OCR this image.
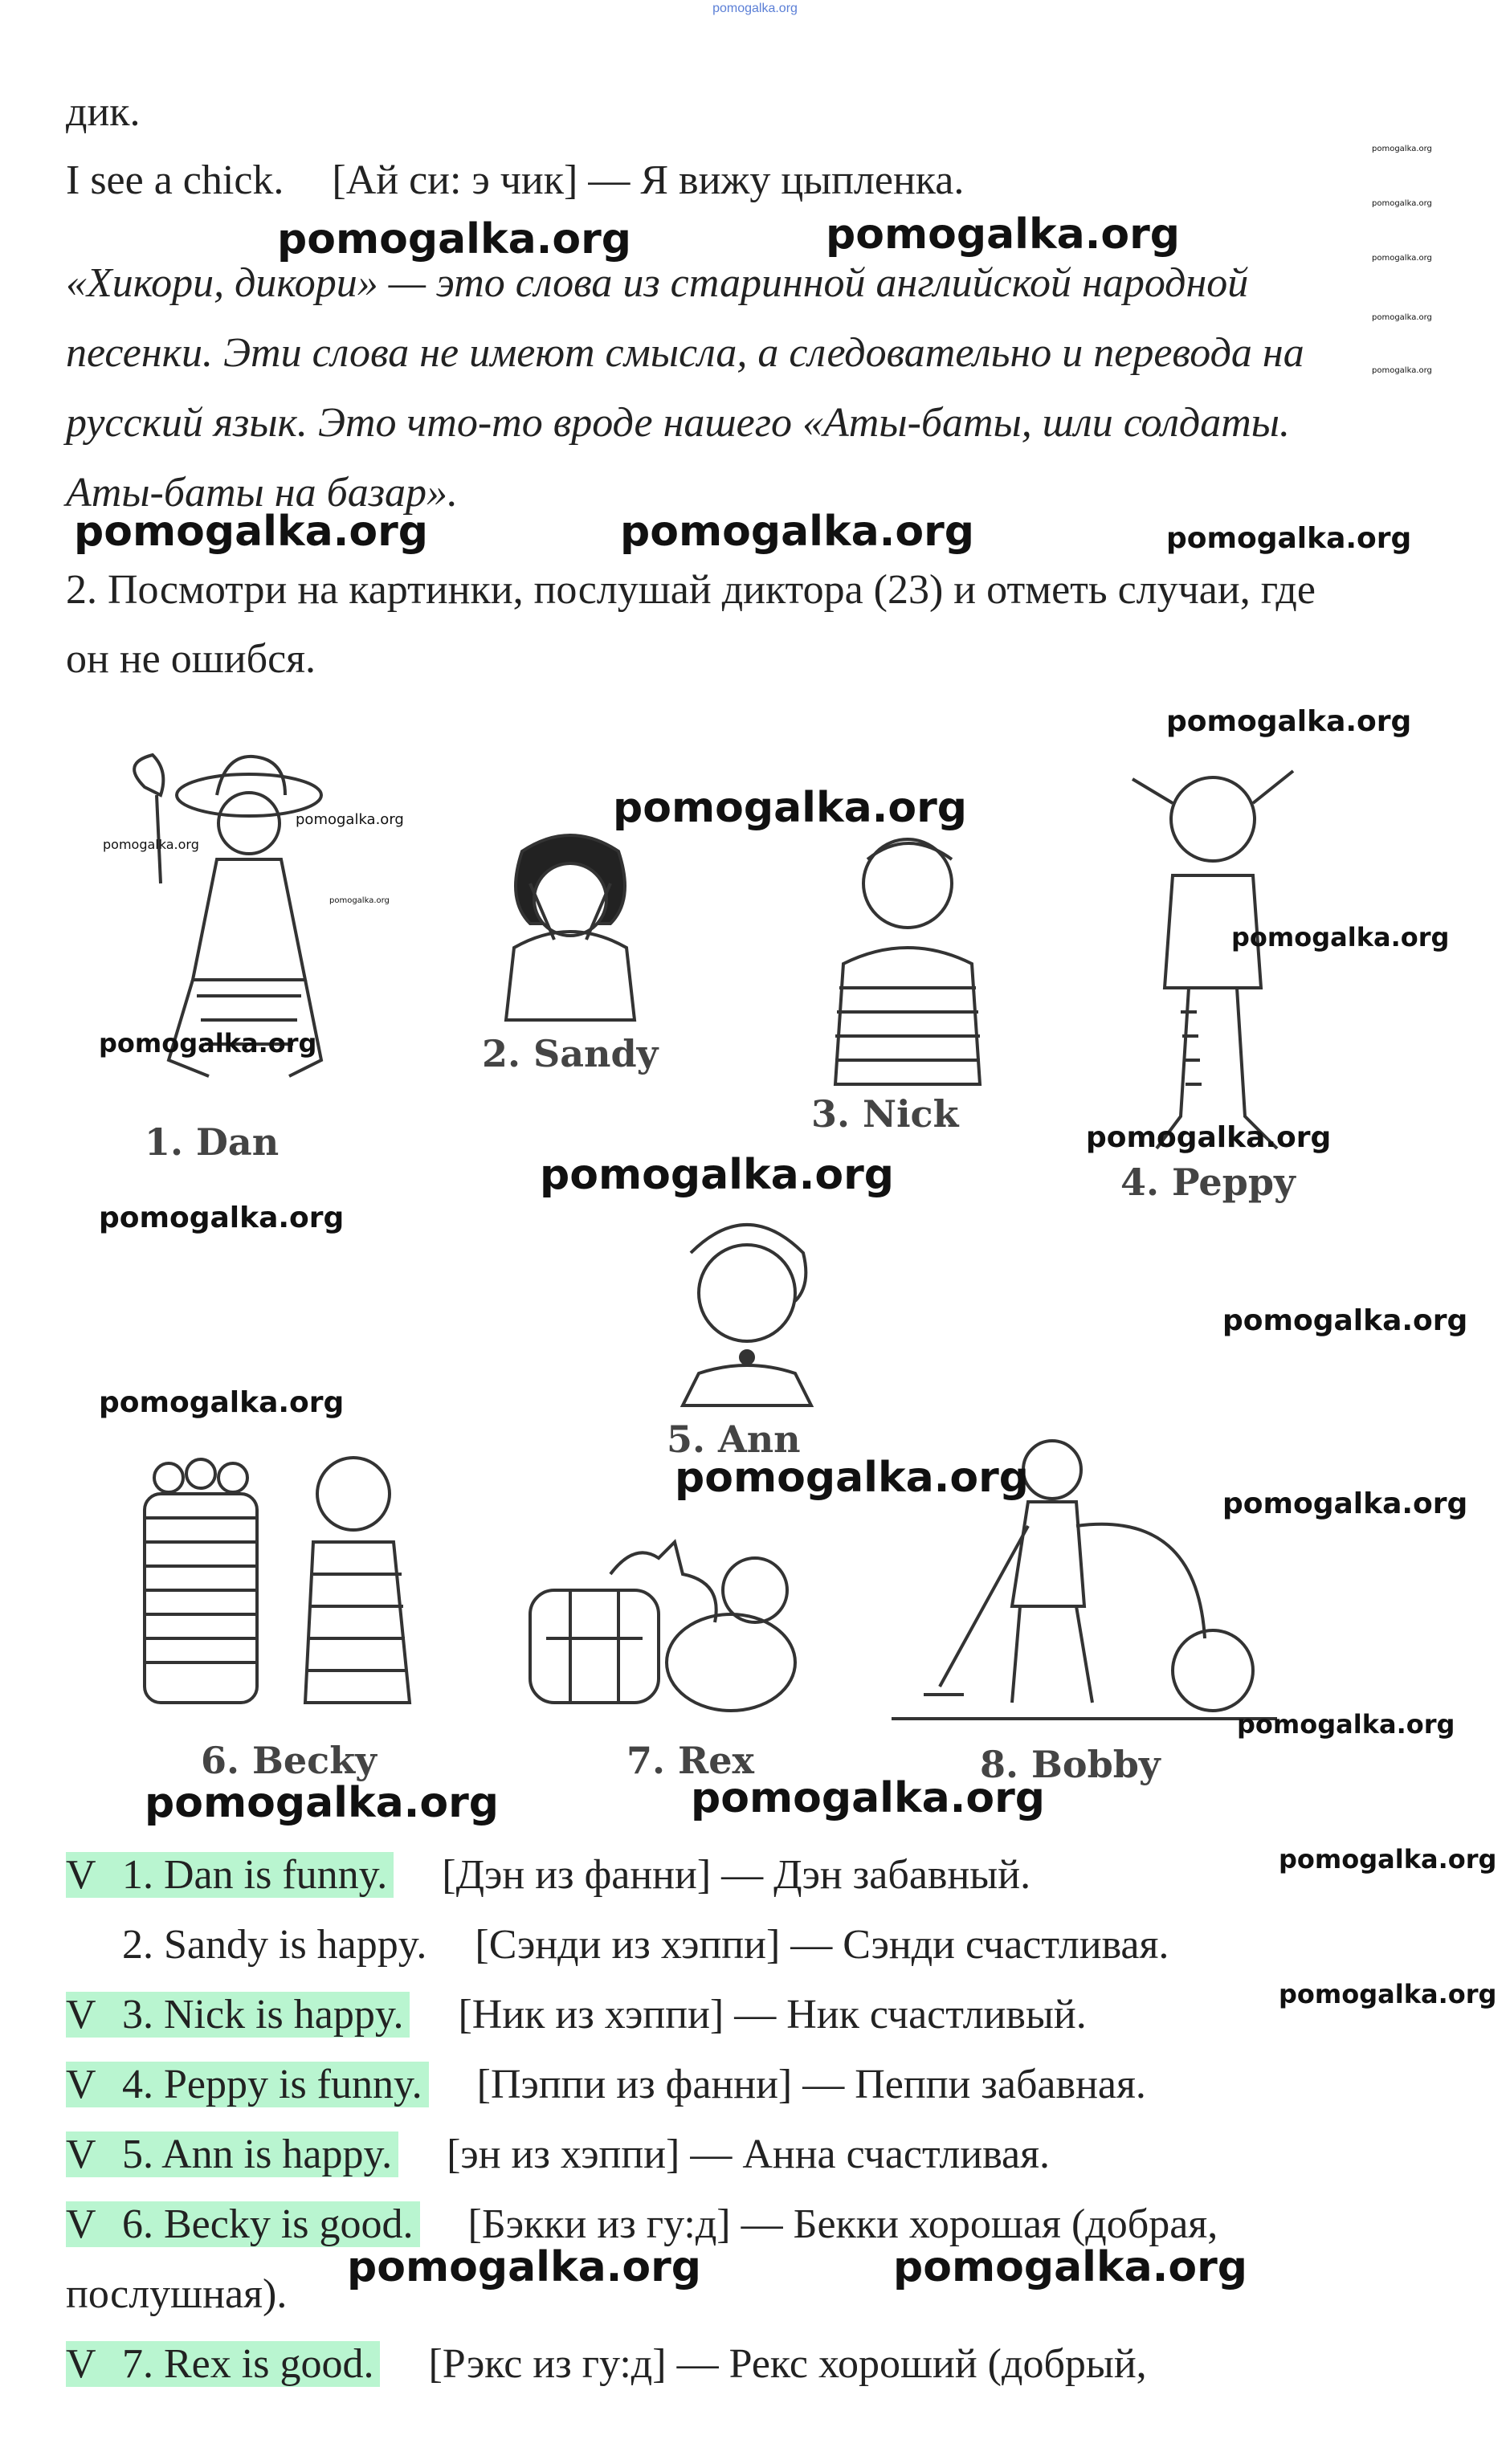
pomogalka.org
дик.
I see a chick. [Ай си: э чик] — Я вижу цыпленка.
«Хикори, дикори» — это слова из старинной английской народной
песенки. Эти слова не имеют смысла, а следовательно и перевода на
русский язык. Это что-то вроде нашего «Аты-баты, шли солдаты.
Аты-баты на базар».
2. Посмотри на картинки, послушай диктора (23) и отметь случаи, где
он не ошибся.
1. Dan
2. Sandy
3. Nick
4. Peppy
5. Ann
6. Becky	7. Rex	8. Bobby
V 1. Dan is funny. [Дэн из фанни] — Дэн забавный.
2. Sandy is happy. [Сэнди из хэппи] — Сэнди счастливая.
V 3. Nick is happy. [Ник из хэппи] — Ник счастливый.
V 4. Peppy is funny. [Пэппи из фанни] — Пеппи забавная.
V 5. Ann is happy. [эн из хэппи] — Анна счастливая.
V 6. Becky is good. [Бэкки из гу:д] — Бекки хорошая (добрая,
послушная).
V 7. Rex is good. [Рэкс из гу:д] — Рекс хороший (добрый,
pomogalka.org	pomogalka.org
pomogalka.org	pomogalka.org	pomogalka.org
pomogalka.org
pomogalka.org
pomogalka.org
pomogalka.org
pomogalka.org
pomogalka.org
pomogalka.org
pomogalka.org
pomogalka.org
pomogalka.org
pomogalka.org
pomogalka.org
pomogalka.org	pomogalka.org
pomogalka.org
pomogalka.org
pomogalka.org	pomogalka.org
pomogalka.org
pomogalka.org
pomogalka.org
pomogalka.org
pomogalka.org
pomogalka.org
pomogalka.org
pomogalka.org
